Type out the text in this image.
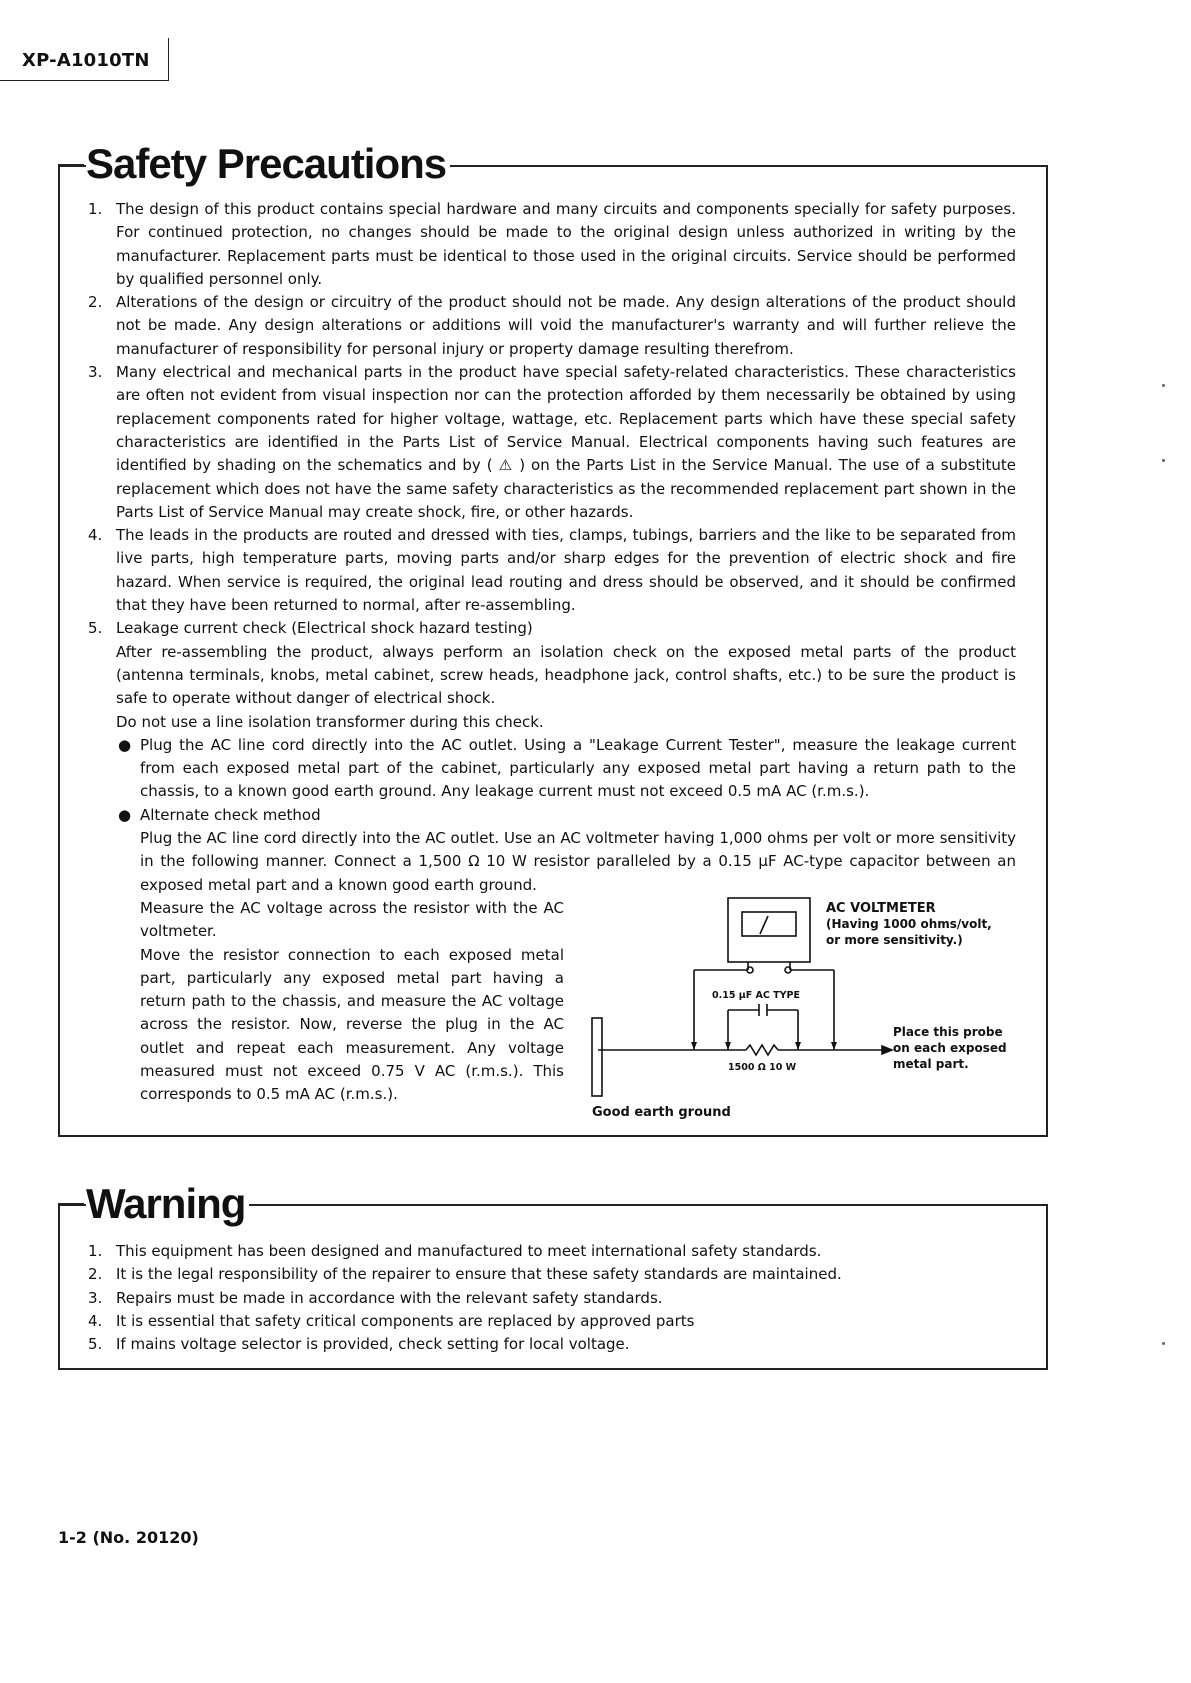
XP-A1010TN
Safety Precautions
1. The design of this product contains special hardware and many circuits and components specially for safety purposes. For continued protection, no changes should be made to the original design unless authorized in writing by the manufacturer. Replacement parts must be identical to those used in the original circuits. Service should be performed by qualified personnel only.
2. Alterations of the design or circuitry of the product should not be made. Any design alterations of the product should not be made. Any design alterations or additions will void the manufacturer's warranty and will further relieve the manufacturer of responsibility for personal injury or property damage resulting therefrom.
3. Many electrical and mechanical parts in the product have special safety-related characteristics. These characteristics are often not evident from visual inspection nor can the protection afforded by them necessarily be obtained by using replacement components rated for higher voltage, wattage, etc. Replacement parts which have these special safety characteristics are identified in the Parts List of Service Manual. Electrical components having such features are identified by shading on the schematics and by ( ⚠ ) on the Parts List in the Service Manual. The use of a substitute replacement which does not have the same safety characteristics as the recommended replacement part shown in the Parts List of Service Manual may create shock, fire, or other hazards.
4. The leads in the products are routed and dressed with ties, clamps, tubings, barriers and the like to be separated from live parts, high temperature parts, moving parts and/or sharp edges for the prevention of electric shock and fire hazard. When service is required, the original lead routing and dress should be observed, and it should be confirmed that they have been returned to normal, after re-assembling.
5. Leakage current check (Electrical shock hazard testing)
After re-assembling the product, always perform an isolation check on the exposed metal parts of the product (antenna terminals, knobs, metal cabinet, screw heads, headphone jack, control shafts, etc.) to be sure the product is safe to operate without danger of electrical shock.
Do not use a line isolation transformer during this check.
● Plug the AC line cord directly into the AC outlet. Using a "Leakage Current Tester", measure the leakage current from each exposed metal part of the cabinet, particularly any exposed metal part having a return path to the chassis, to a known good earth ground. Any leakage current must not exceed 0.5 mA AC (r.m.s.).
● Alternate check method
Plug the AC line cord directly into the AC outlet. Use an AC voltmeter having 1,000 ohms per volt or more sensitivity in the following manner. Connect a 1,500 Ω 10 W resistor paralleled by a 0.15 μF AC-type capacitor between an exposed metal part and a known good earth ground.
Measure the AC voltage across the resistor with the AC voltmeter.
Move the resistor connection to each exposed metal part, particularly any exposed metal part having a return path to the chassis, and measure the AC voltage across the resistor. Now, reverse the plug in the AC outlet and repeat each measurement. Any voltage measured must not exceed 0.75 V AC (r.m.s.). This corresponds to 0.5 mA AC (r.m.s.).
AC VOLTMETER
(Having 1000 ohms/volt,
or more sensitivity.)
0.15 μF AC TYPE
1500 Ω 10 W
Place this probe
on each exposed
metal part.
Good earth ground
Warning
1. This equipment has been designed and manufactured to meet international safety standards.
2. It is the legal responsibility of the repairer to ensure that these safety standards are maintained.
3. Repairs must be made in accordance with the relevant safety standards.
4. It is essential that safety critical components are replaced by approved parts
5. If mains voltage selector is provided, check setting for local voltage.
1-2 (No. 20120)
